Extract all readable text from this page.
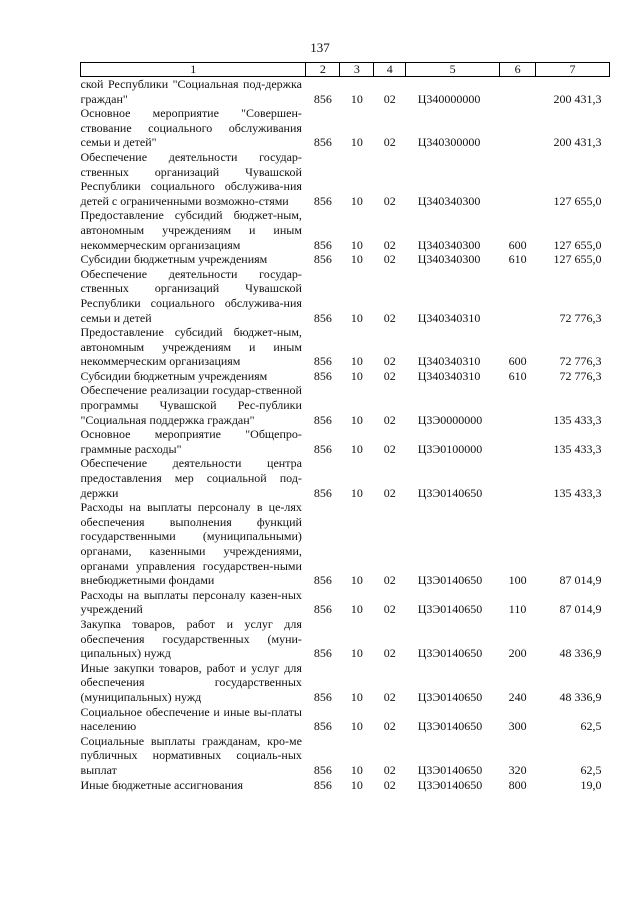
137
1	2	3	4	5	6	7
ской Республики "Социальная под-держка граждан"	856	10	02	Ц340000000		200 431,3
Основное мероприятие "Совершен-ствование социального обслуживания семьи и детей"	856	10	02	Ц340300000		200 431,3
Обеспечение деятельности государ-ственных организаций Чувашской Республики социального обслужива-ния детей с ограниченными возможно-стями	856	10	02	Ц340340300		127 655,0
Предоставление субсидий бюджет-ным, автономным учреждениям и иным некоммерческим организациям	856	10	02	Ц340340300	600	127 655,0
Субсидии бюджетным учреждениям	856	10	02	Ц340340300	610	127 655,0
Обеспечение деятельности государ-ственных организаций Чувашской Республики социального обслужива-ния семьи и детей	856	10	02	Ц340340310		72 776,3
Предоставление субсидий бюджет-ным, автономным учреждениям и иным некоммерческим организациям	856	10	02	Ц340340310	600	72 776,3
Субсидии бюджетным учреждениям	856	10	02	Ц340340310	610	72 776,3
Обеспечение реализации государ-ственной программы Чувашской Рес-публики "Социальная поддержка граждан"	856	10	02	Ц3Э0000000		135 433,3
Основное мероприятие "Общепро-граммные расходы"	856	10	02	Ц3Э0100000		135 433,3
Обеспечение деятельности центра предоставления мер социальной под-держки	856	10	02	Ц3Э0140650		135 433,3
Расходы на выплаты персоналу в це-лях обеспечения выполнения функций государственными (муниципальными) органами, казенными учреждениями, органами управления государствен-ными внебюджетными фондами	856	10	02	Ц3Э0140650	100	87 014,9
Расходы на выплаты персоналу казен-ных учреждений	856	10	02	Ц3Э0140650	110	87 014,9
Закупка товаров, работ и услуг для обеспечения государственных (муни-ципальных) нужд	856	10	02	Ц3Э0140650	200	48 336,9
Иные закупки товаров, работ и услуг для обеспечения государственных (муниципальных) нужд	856	10	02	Ц3Э0140650	240	48 336,9
Социальное обеспечение и иные вы-платы населению	856	10	02	Ц3Э0140650	300	62,5
Социальные выплаты гражданам, кро-ме публичных нормативных социаль-ных выплат	856	10	02	Ц3Э0140650	320	62,5
Иные бюджетные ассигнования	856	10	02	Ц3Э0140650	800	19,0
